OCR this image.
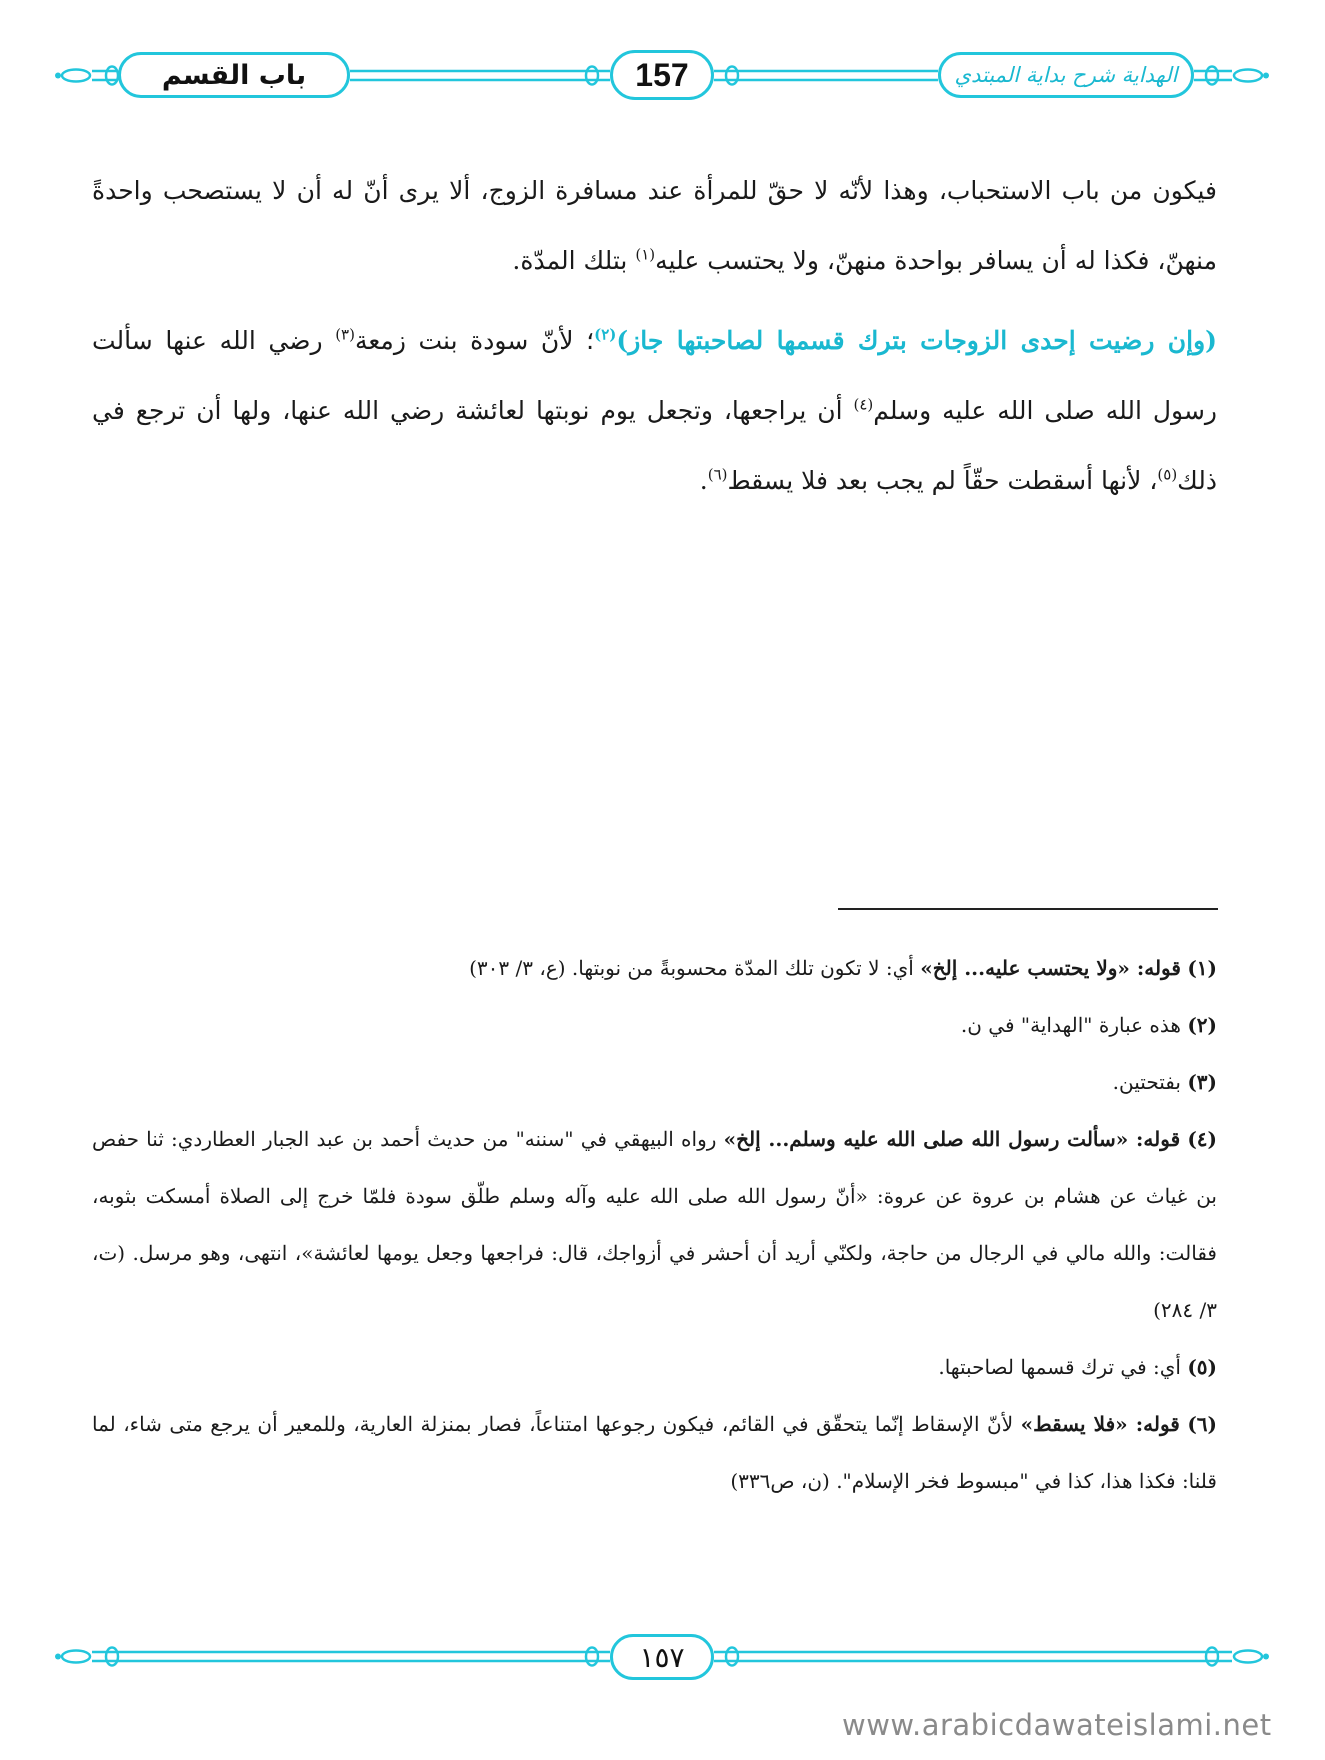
باب القسم	157	الهداية شرح بداية المبتدي

فيكون من باب الاستحباب، وهذا لأنّه لا حقّ للمرأة عند مسافرة الزوج، ألا يرى أنّ له أن لا يستصحب واحدةً منهنّ، فكذا له أن يسافر بواحدة منهنّ، ولا يحتسب عليه$^{(١)}$ بتلك المدّة.

(وإن رضيت إحدى الزوجات بترك قسمها لصاحبتها جاز)$^{(٢)}$؛ لأنّ سودة بنت زمعة$^{(٣)}$ رضي الله عنها سألت رسول الله صلى الله عليه وسلم$^{(٤)}$ أن يراجعها، وتجعل يوم نوبتها لعائشة رضي الله عنها، ولها أن ترجع في ذلك$^{(٥)}$، لأنها أسقطت حقّاً لم يجب بعد فلا يسقط$^{(٦)}$.

(١) قوله: «ولا يحتسب عليه... إلخ» أي: لا تكون تلك المدّة محسوبةً من نوبتها. (ع، ٣/ ٣٠٣)

(٢) هذه عبارة "الهداية" في ن.

(٣) بفتحتين.

(٤) قوله: «سألت رسول الله صلى الله عليه وسلم... إلخ» رواه البيهقي في "سننه" من حديث أحمد بن عبد الجبار العطاردي: ثنا حفص بن غياث عن هشام بن عروة عن عروة: «أنّ رسول الله صلى الله عليه وآله وسلم طلّق سودة فلمّا خرج إلى الصلاة أمسكت بثوبه، فقالت: والله مالي في الرجال من حاجة، ولكنّي أريد أن أحشر في أزواجك، قال: فراجعها وجعل يومها لعائشة»، انتهى، وهو مرسل. (ت، ٣/ ٢٨٤)

(٥) أي: في ترك قسمها لصاحبتها.

(٦) قوله: «فلا يسقط» لأنّ الإسقاط إنّما يتحقّق في القائم، فيكون رجوعها امتناعاً، فصار بمنزلة العارية، وللمعير أن يرجع متى شاء، لما قلنا: فكذا هذا، كذا في "مبسوط فخر الإسلام". (ن، ص٣٣٦)

١٥٧
www.arabicdawateislami.net
